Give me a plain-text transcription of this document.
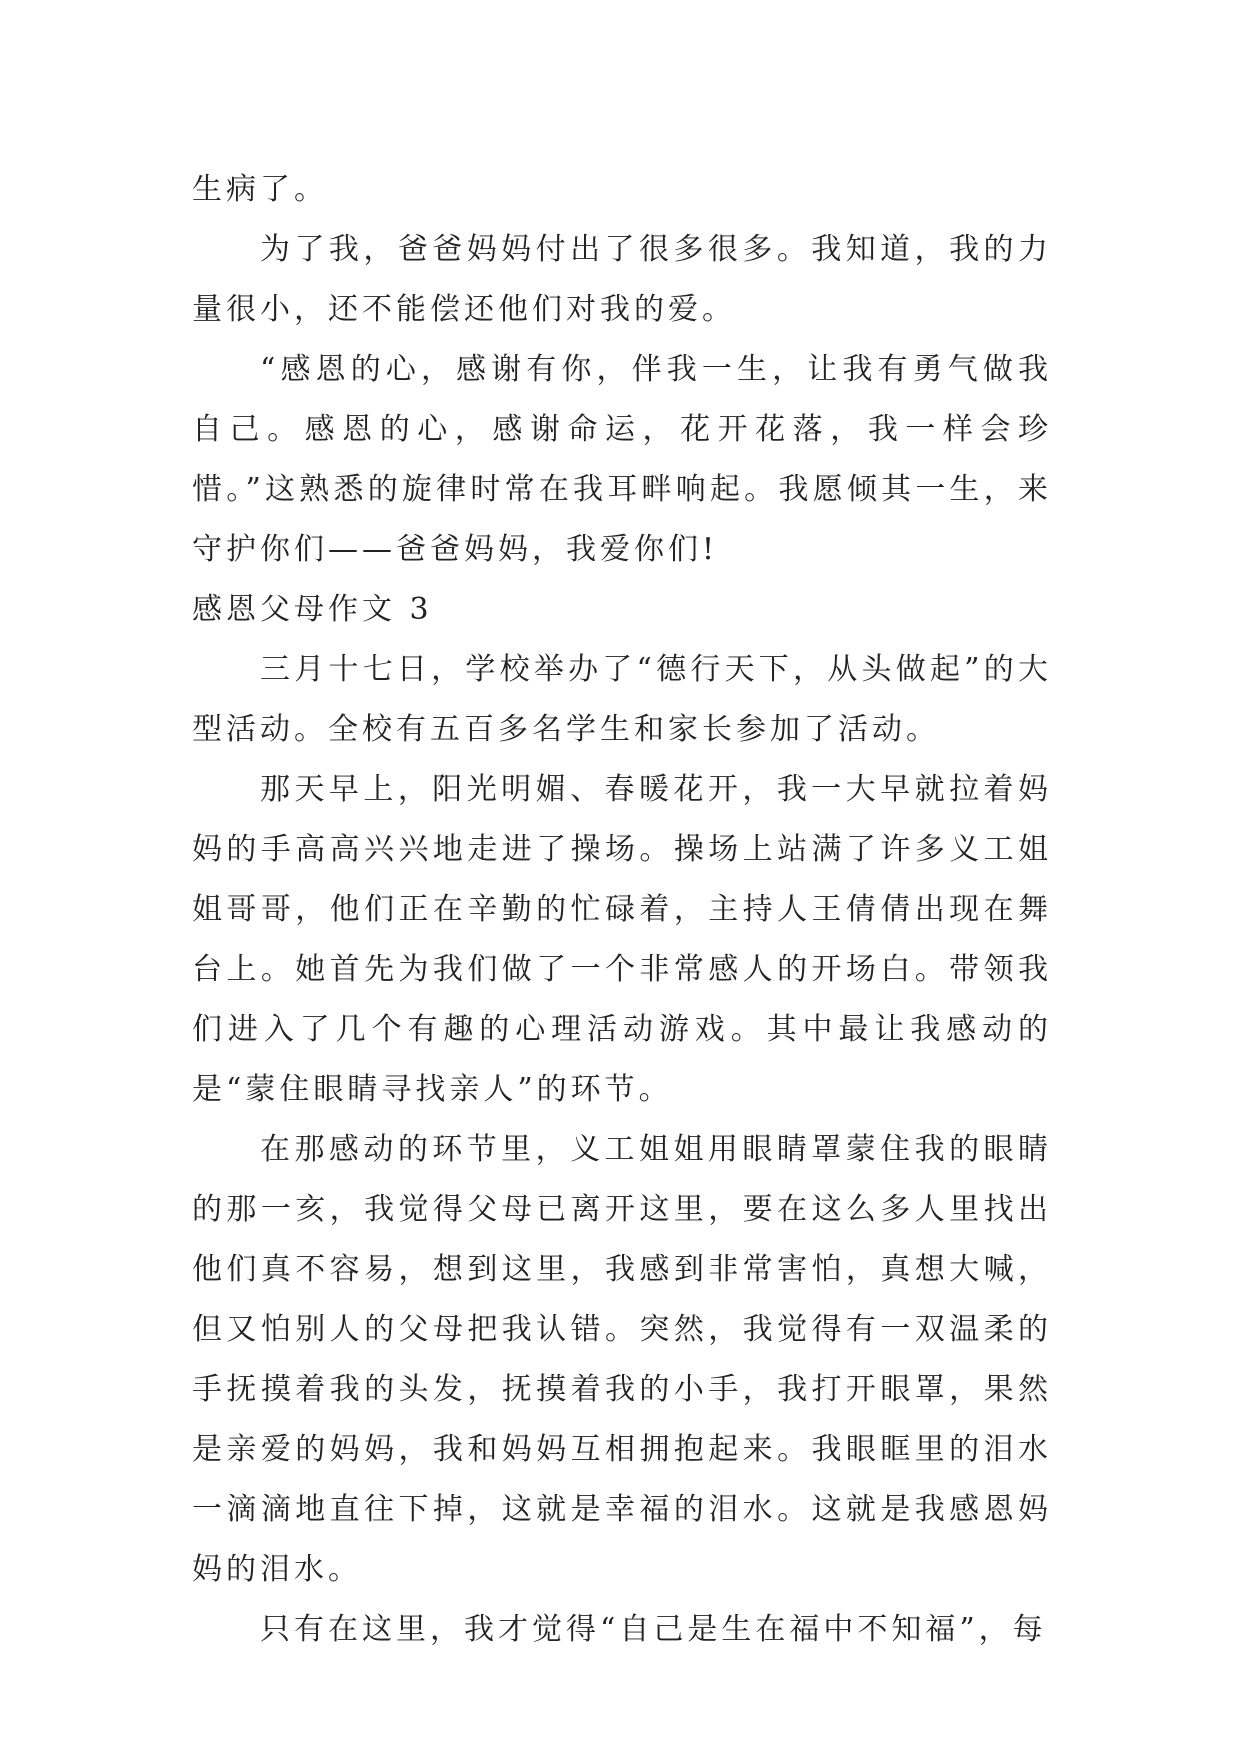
生病了。

为了我，爸爸妈妈付出了很多很多。我知道，我的力量很小，还不能偿还他们对我的爱。

“感恩的心，感谢有你，伴我一生，让我有勇气做我自己。感恩的心，感谢命运，花开花落，我一样会珍惜。”这熟悉的旋律时常在我耳畔响起。我愿倾其一生，来守护你们——爸爸妈妈，我爱你们!

感恩父母作文 3

三月十七日，学校举办了“德行天下，从头做起”的大型活动。全校有五百多名学生和家长参加了活动。

那天早上，阳光明媚、春暖花开，我一大早就拉着妈妈的手高高兴兴地走进了操场。操场上站满了许多义工姐姐哥哥，他们正在辛勤的忙碌着，主持人王倩倩出现在舞台上。她首先为我们做了一个非常感人的开场白。带领我们进入了几个有趣的心理活动游戏。其中最让我感动的是“蒙住眼睛寻找亲人”的环节。

在那感动的环节里，义工姐姐用眼睛罩蒙住我的眼睛的那一亥，我觉得父母已离开这里，要在这么多人里找出他们真不容易，想到这里，我感到非常害怕，真想大喊，但又怕别人的父母把我认错。突然，我觉得有一双温柔的手抚摸着我的头发，抚摸着我的小手，我打开眼罩，果然是亲爱的妈妈，我和妈妈互相拥抱起来。我眼眶里的泪水一滴滴地直往下掉，这就是幸福的泪水。这就是我感恩妈妈的泪水。

只有在这里，我才觉得“自己是生在福中不知福”，每
